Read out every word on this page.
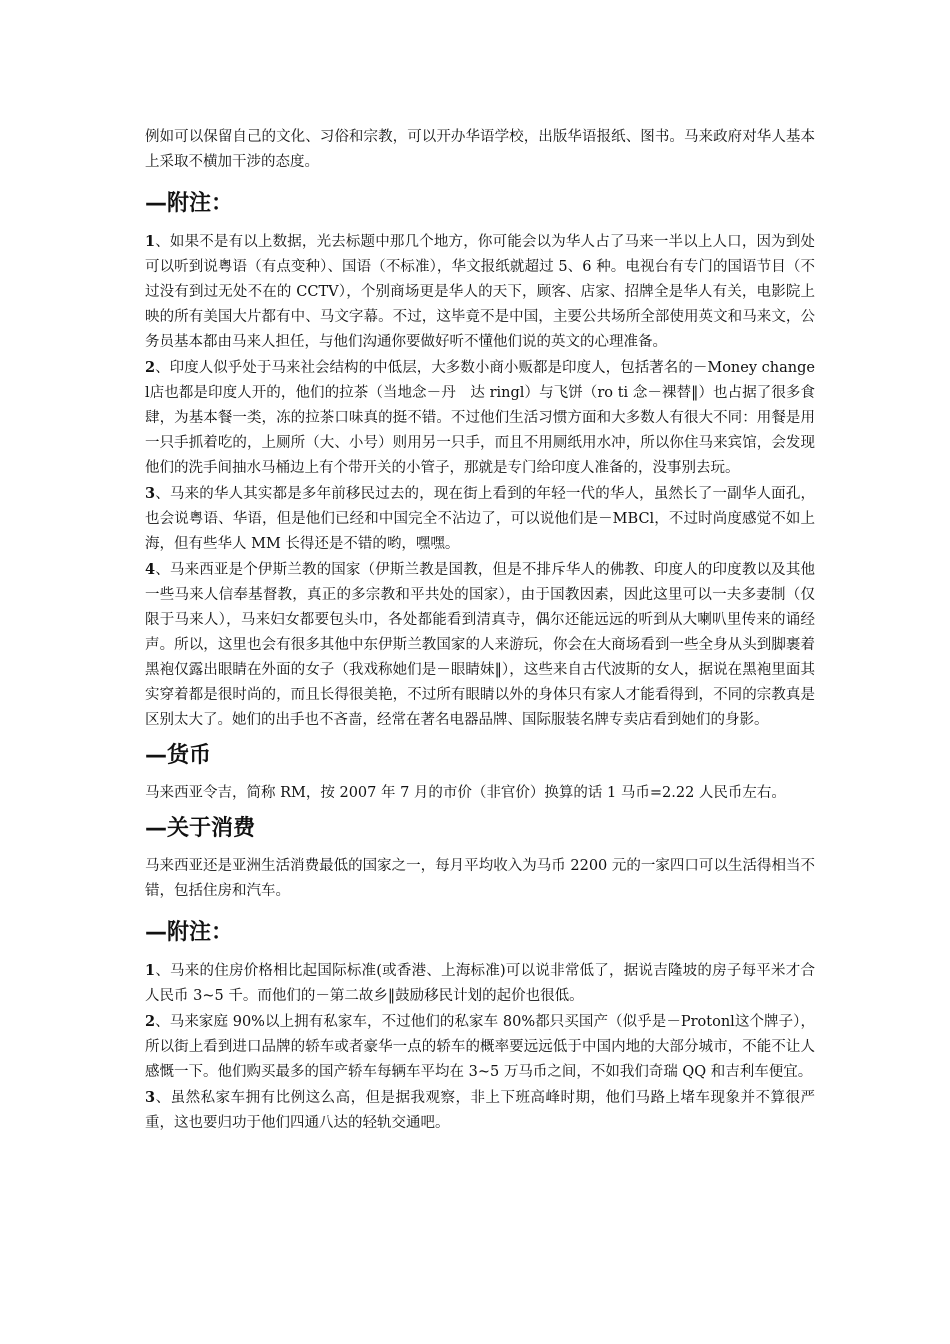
例如可以保留自己的文化、习俗和宗教，可以开办华语学校，出版华语报纸、图书。马来政府对华人基本上采取不横加干涉的态度。

—附注：

1、如果不是有以上数据，光去标题中那几个地方，你可能会以为华人占了马来一半以上人口，因为到处可以听到说粤语（有点变种）、国语（不标准），华文报纸就超过 5、6 种。电视台有专门的国语节目（不过没有到过无处不在的 CCTV），个别商场更是华人的天下，顾客、店家、招牌全是华人有关，电影院上映的所有美国大片都有中、马文字幕。不过，这毕竟不是中国，主要公共场所全部使用英文和马来文，公务员基本都由马来人担任，与他们沟通你要做好听不懂他们说的英文的心理准备。

2、印度人似乎处于马来社会结构的中低层，大多数小商小贩都是印度人，包括著名的－Money changel店也都是印度人开的，他们的拉茶（当地念－丹　达 ringl）与飞饼（ro ti 念－裸替‖）也占据了很多食肆，为基本餐一类，冻的拉茶口味真的挺不错。不过他们生活习惯方面和大多数人有很大不同：用餐是用一只手抓着吃的，上厕所（大、小号）则用另一只手，而且不用厕纸用水冲，所以你住马来宾馆，会发现他们的洗手间抽水马桶边上有个带开关的小管子，那就是专门给印度人准备的，没事别去玩。

3、马来的华人其实都是多年前移民过去的，现在街上看到的年轻一代的华人，虽然长了一副华人面孔，也会说粤语、华语，但是他们已经和中国完全不沾边了，可以说他们是－MBCl，不过时尚度感觉不如上海，但有些华人 MM 长得还是不错的哟，嘿嘿。

4、马来西亚是个伊斯兰教的国家（伊斯兰教是国教，但是不排斥华人的佛教、印度人的印度教以及其他一些马来人信奉基督教，真正的多宗教和平共处的国家），由于国教因素，因此这里可以一夫多妻制（仅限于马来人），马来妇女都要包头巾，各处都能看到清真寺，偶尔还能远远的听到从大喇叭里传来的诵经声。所以，这里也会有很多其他中东伊斯兰教国家的人来游玩，你会在大商场看到一些全身从头到脚裹着黑袍仅露出眼睛在外面的女子（我戏称她们是－眼睛妹‖），这些来自古代波斯的女人，据说在黑袍里面其实穿着都是很时尚的，而且长得很美艳，不过所有眼睛以外的身体只有家人才能看得到，不同的宗教真是区别太大了。她们的出手也不吝啬，经常在著名电器品牌、国际服装名牌专卖店看到她们的身影。

—货币

马来西亚令吉，简称 RM，按 2007 年 7 月的市价（非官价）换算的话 1 马币=2.22 人民币左右。

—关于消费

马来西亚还是亚洲生活消费最低的国家之一，每月平均收入为马币 2200 元的一家四口可以生活得相当不错，包括住房和汽车。

—附注：

1、马来的住房价格相比起国际标准(或香港、上海标准)可以说非常低了，据说吉隆坡的房子每平米才合人民币 3~5 千。而他们的－第二故乡‖鼓励移民计划的起价也很低。

2、马来家庭 90%以上拥有私家车，不过他们的私家车 80%都只买国产（似乎是－Protonl这个牌子），所以街上看到进口品牌的轿车或者豪华一点的轿车的概率要远远低于中国内地的大部分城市，不能不让人感慨一下。他们购买最多的国产轿车每辆车平均在 3~5 万马币之间，不如我们奇瑞 QQ 和吉利车便宜。

3、虽然私家车拥有比例这么高，但是据我观察，非上下班高峰时期，他们马路上堵车现象并不算很严重，这也要归功于他们四通八达的轻轨交通吧。
